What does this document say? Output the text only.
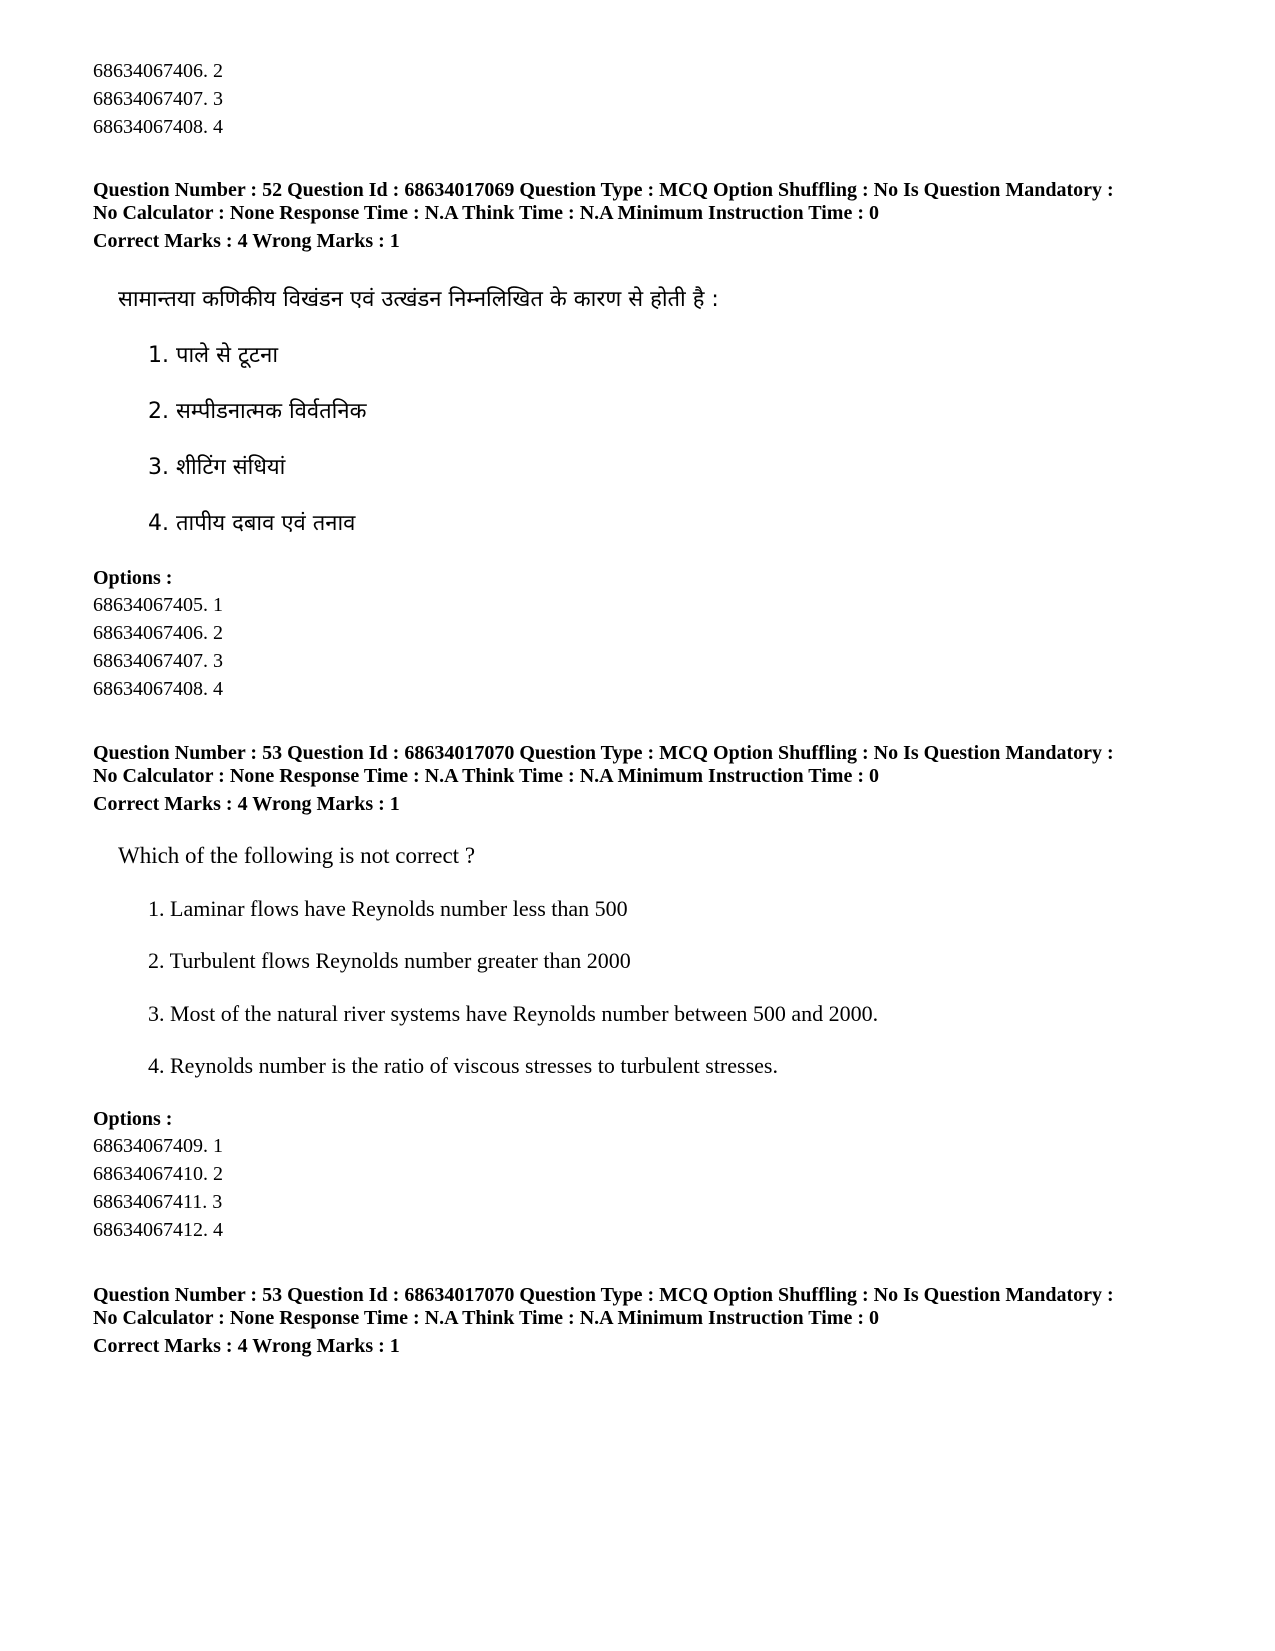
68634067406. 2
68634067407. 3
68634067408. 4
Question Number : 52 Question Id : 68634017069 Question Type : MCQ Option Shuffling : No Is Question Mandatory :
No Calculator : None Response Time : N.A Think Time : N.A Minimum Instruction Time : 0
Correct Marks : 4 Wrong Marks : 1
सामान्तया कणिकीय विखंडन एवं उत्खंडन निम्नलिखित के कारण से होती है :
1. पाले से टूटना
2. सम्पीडनात्मक विर्वतनिक
3. शीटिंग संधियां
4. तापीय दबाव एवं तनाव
Options :
68634067405. 1
68634067406. 2
68634067407. 3
68634067408. 4
Question Number : 53 Question Id : 68634017070 Question Type : MCQ Option Shuffling : No Is Question Mandatory :
No Calculator : None Response Time : N.A Think Time : N.A Minimum Instruction Time : 0
Correct Marks : 4 Wrong Marks : 1
Which of the following is not correct ?
1. Laminar flows have Reynolds number less than 500
2. Turbulent flows Reynolds number greater than 2000
3. Most of the natural river systems have Reynolds number between 500 and 2000.
4. Reynolds number is the ratio of viscous stresses to turbulent stresses.
Options :
68634067409. 1
68634067410. 2
68634067411. 3
68634067412. 4
Question Number : 53 Question Id : 68634017070 Question Type : MCQ Option Shuffling : No Is Question Mandatory :
No Calculator : None Response Time : N.A Think Time : N.A Minimum Instruction Time : 0
Correct Marks : 4 Wrong Marks : 1
